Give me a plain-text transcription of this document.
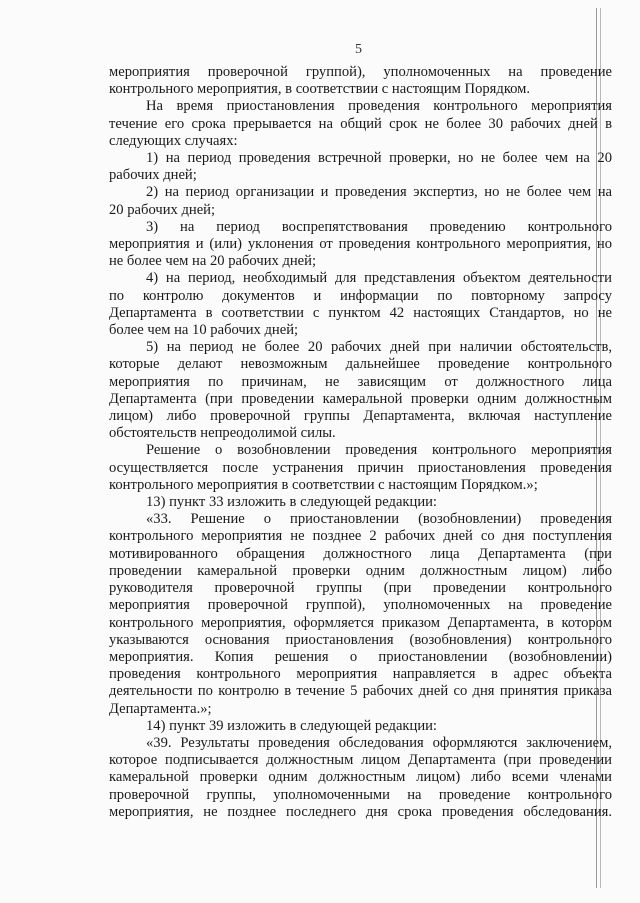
5

мероприятия проверочной группой), уполномоченных на проведение

контрольного мероприятия, в соответствии с настоящим Порядком.

На время приостановления проведения контрольного мероприятия

течение его срока прерывается на общий срок не более 30 рабочих дней в

следующих случаях:

1) на период проведения встречной проверки, но не более чем на 20

рабочих дней;

2) на период организации и проведения экспертиз, но не более чем на

20 рабочих дней;

3) на период воспрепятствования проведению контрольного

мероприятия и (или) уклонения от проведения контрольного мероприятия, но

не более чем на 20 рабочих дней;

4) на период, необходимый для представления объектом деятельности

по контролю документов и информации по повторному запросу

Департамента в соответствии с пунктом 42 настоящих Стандартов, но не

более чем на 10 рабочих дней;

5) на период не более 20 рабочих дней при наличии обстоятельств,

которые делают невозможным дальнейшее проведение контрольного

мероприятия по причинам, не зависящим от должностного лица

Департамента (при проведении камеральной проверки одним должностным

лицом) либо проверочной группы Департамента, включая наступление

обстоятельств непреодолимой силы.

Решение о возобновлении проведения контрольного мероприятия

осуществляется после устранения причин приостановления проведения

контрольного мероприятия в соответствии с настоящим Порядком.»;

13) пункт 33 изложить в следующей редакции:

«33. Решение о приостановлении (возобновлении) проведения

контрольного мероприятия не позднее 2 рабочих дней со дня поступления

мотивированного обращения должностного лица Департамента (при

проведении камеральной проверки одним должностным лицом) либо

руководителя проверочной группы (при проведении контрольного

мероприятия проверочной группой), уполномоченных на проведение

контрольного мероприятия, оформляется приказом Департамента, в котором

указываются основания приостановления (возобновления) контрольного

мероприятия. Копия решения о приостановлении (возобновлении)

проведения контрольного мероприятия направляется в адрес объекта

деятельности по контролю в течение 5 рабочих дней со дня принятия приказа

Департамента.»;

14) пункт 39 изложить в следующей редакции:

«39. Результаты проведения обследования оформляются заключением,

которое подписывается должностным лицом Департамента (при проведении

камеральной проверки одним должностным лицом) либо всеми членами

проверочной группы, уполномоченными на проведение контрольного

мероприятия, не позднее последнего дня срока проведения обследования.
